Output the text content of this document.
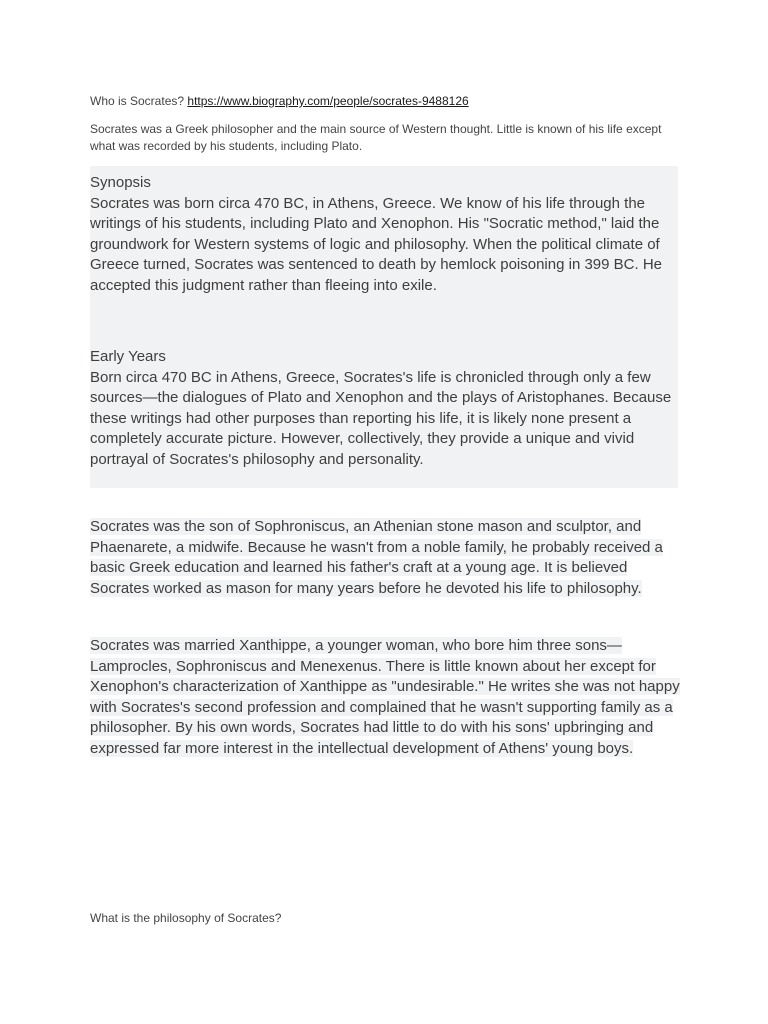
Who is Socrates? https://www.biography.com/people/socrates-9488126
Socrates was a Greek philosopher and the main source of Western thought. Little is known of his life except what was recorded by his students, including Plato.
Synopsis

Socrates was born circa 470 BC, in Athens, Greece. We know of his life through the writings of his students, including Plato and Xenophon. His "Socratic method," laid the groundwork for Western systems of logic and philosophy. When the political climate of Greece turned, Socrates was sentenced to death by hemlock poisoning in 399 BC. He accepted this judgment rather than fleeing into exile.

Early Years

Born circa 470 BC in Athens, Greece, Socrates's life is chronicled through only a few sources—the dialogues of Plato and Xenophon and the plays of Aristophanes. Because these writings had other purposes than reporting his life, it is likely none present a completely accurate picture. However, collectively, they provide a unique and vivid portrayal of Socrates's philosophy and personality.

Socrates was the son of Sophroniscus, an Athenian stone mason and sculptor, and Phaenarete, a midwife. Because he wasn't from a noble family, he probably received a basic Greek education and learned his father's craft at a young age. It is believed Socrates worked as mason for many years before he devoted his life to philosophy.
Socrates was married Xanthippe, a younger woman, who bore him three sons—Lamprocles, Sophroniscus and Menexenus. There is little known about her except for Xenophon's characterization of Xanthippe as "undesirable." He writes she was not happy with Socrates's second profession and complained that he wasn't supporting family as a philosopher. By his own words, Socrates had little to do with his sons' upbringing and expressed far more interest in the intellectual development of Athens' young boys.
What is the philosophy of Socrates?
